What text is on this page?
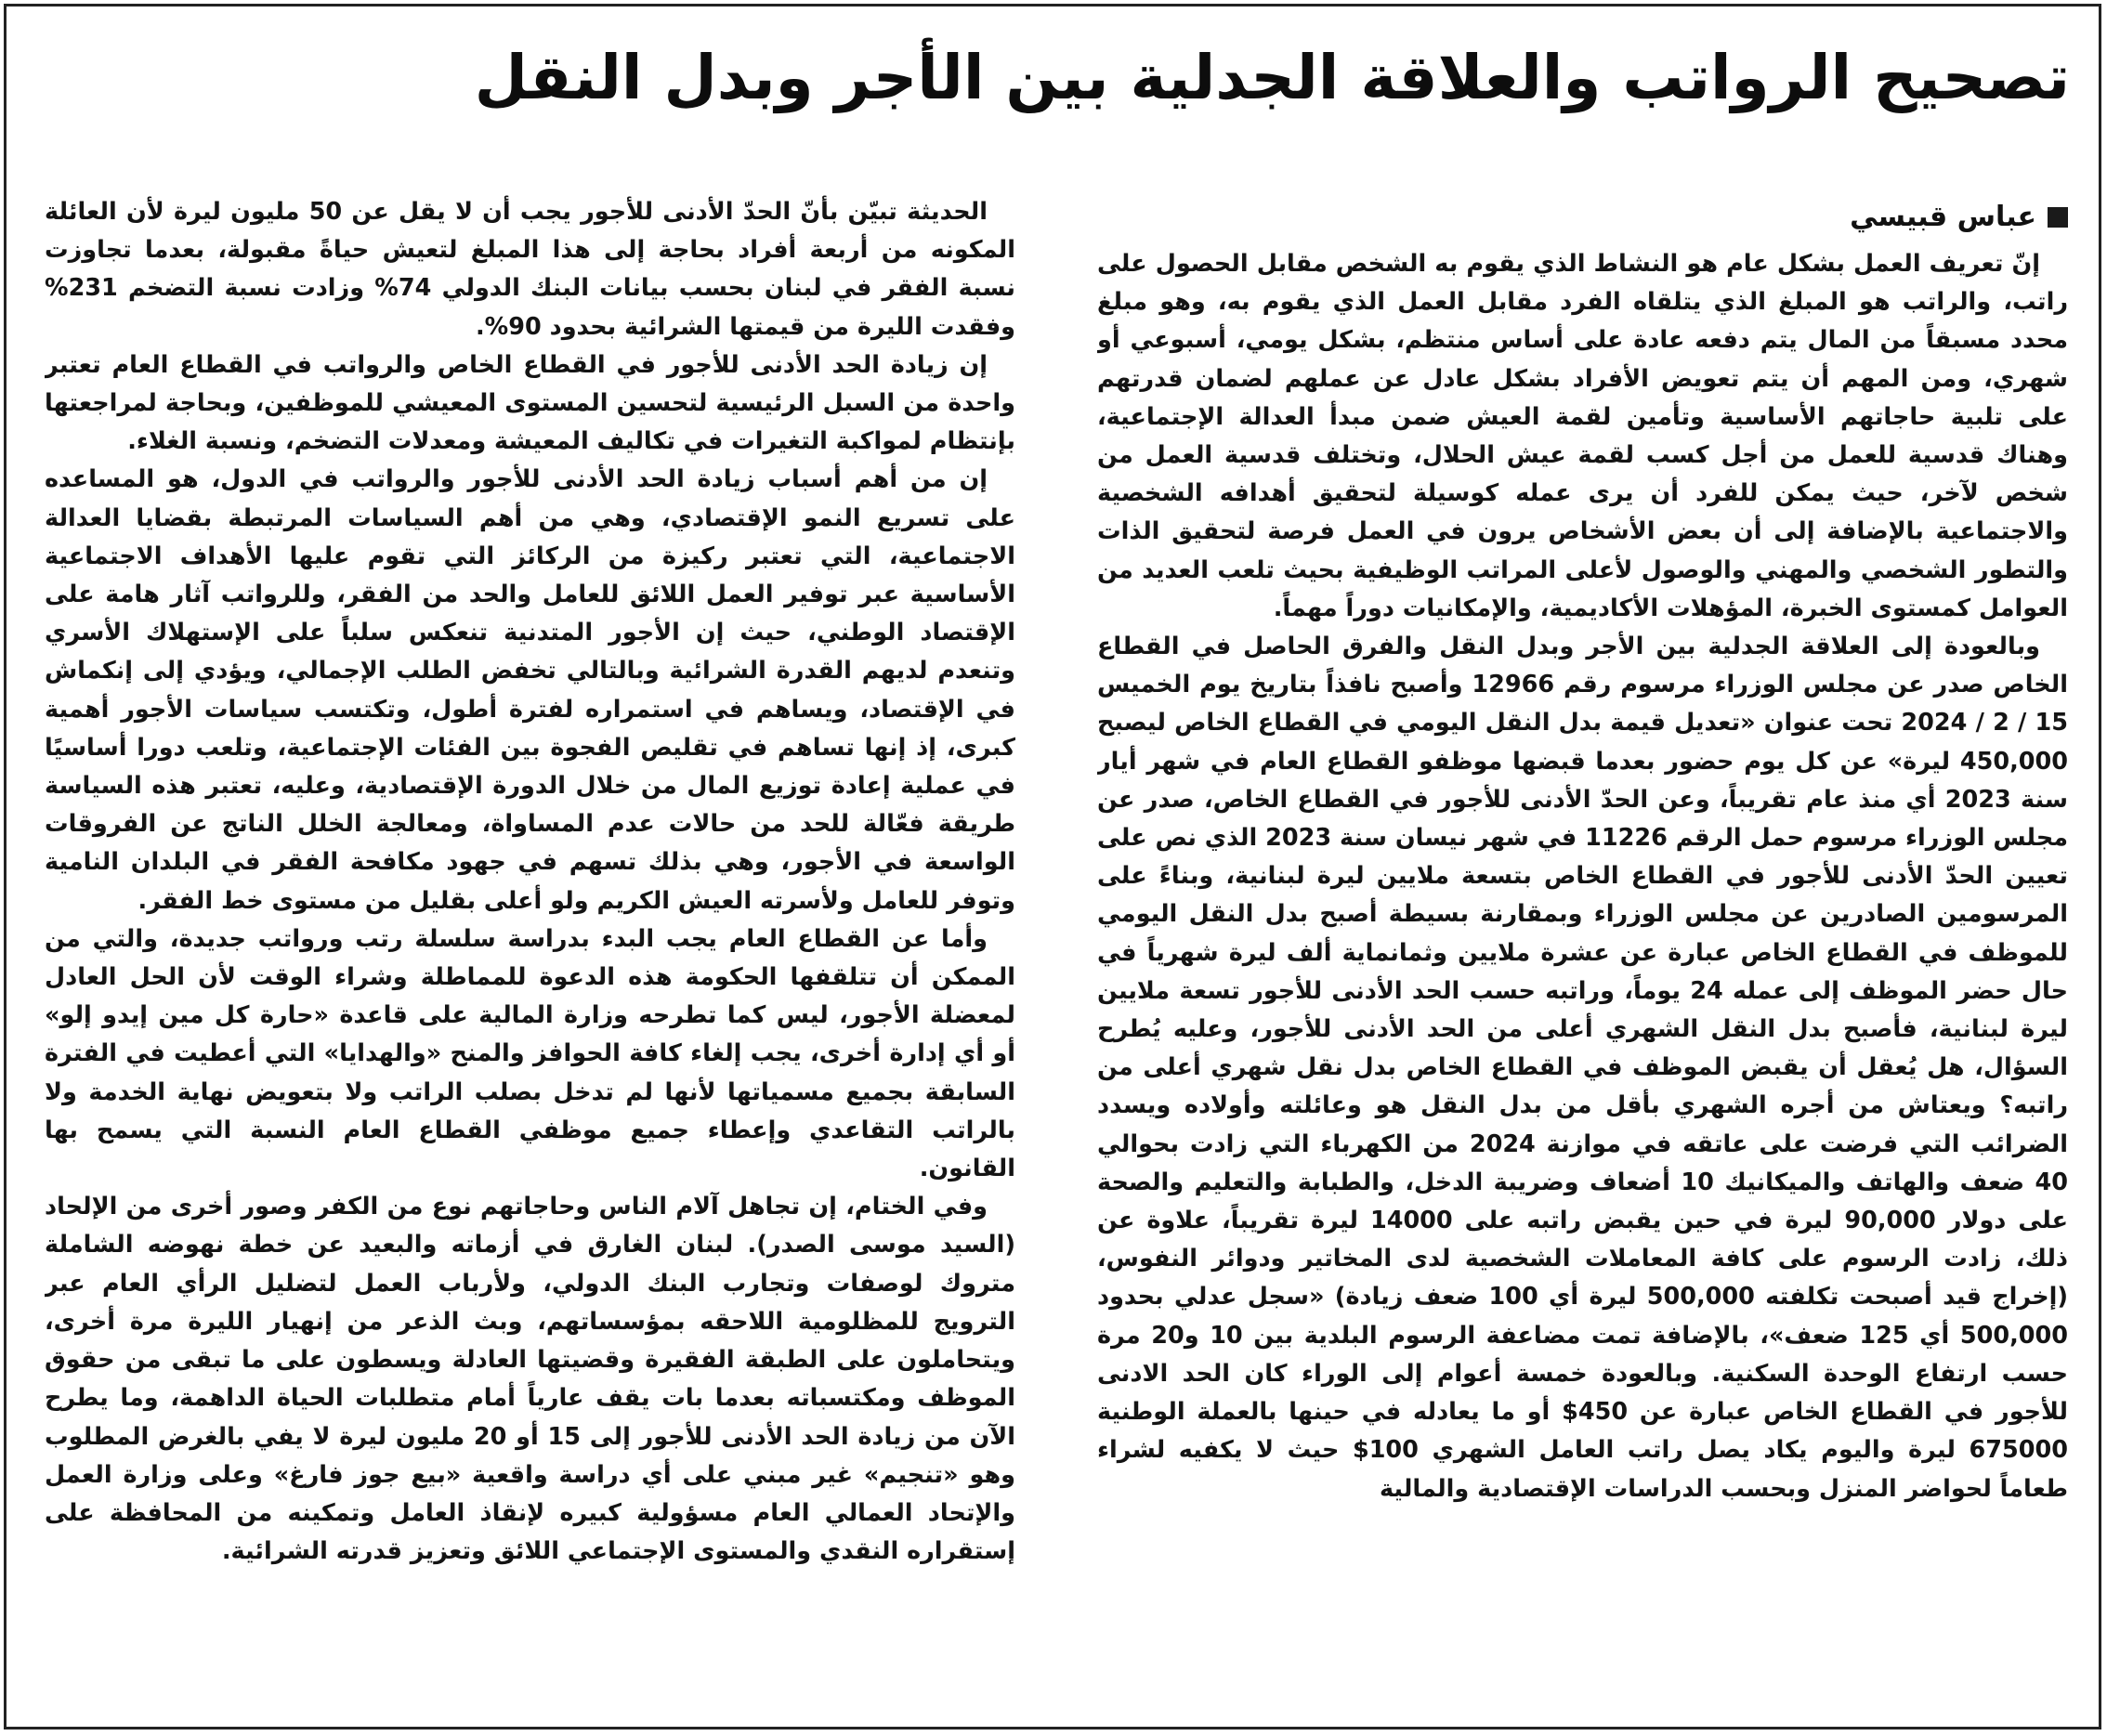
تصحيح الرواتب والعلاقة الجدلية بين الأجر وبدل النقل
عباس قبيسي

إنّ تعريف العمل بشكل عام هو النشاط الذي يقوم به الشخص مقابل الحصول على راتب، والراتب هو المبلغ الذي يتلقاه الفرد مقابل العمل الذي يقوم به، وهو مبلغ محدد مسبقاً من المال يتم دفعه عادة على أساس منتظم، بشكل يومي، أسبوعي أو شهري، ومن المهم أن يتم تعويض الأفراد بشكل عادل عن عملهم لضمان قدرتهم على تلبية حاجاتهم الأساسية وتأمين لقمة العيش ضمن مبدأ العدالة الإجتماعية، وهناك قدسية للعمل من أجل كسب لقمة عيش الحلال، وتختلف قدسية العمل من شخص لآخر، حيث يمكن للفرد أن يرى عمله كوسيلة لتحقيق أهدافه الشخصية والاجتماعية بالإضافة إلى أن بعض الأشخاص يرون في العمل فرصة لتحقيق الذات والتطور الشخصي والمهني والوصول لأعلى المراتب الوظيفية بحيث تلعب العديد من العوامل كمستوى الخبرة، المؤهلات الأكاديمية، والإمكانيات دوراً مهماً.

وبالعودة إلى العلاقة الجدلية بين الأجر وبدل النقل والفرق الحاصل في القطاع الخاص صدر عن مجلس الوزراء مرسوم رقم 12966 وأصبح نافذاً بتاريخ يوم الخميس 15 / 2 / 2024 تحت عنوان «تعديل قيمة بدل النقل اليومي في القطاع الخاص ليصبح 450,000 ليرة» عن كل يوم حضور بعدما قبضها موظفو القطاع العام في شهر أيار سنة 2023 أي منذ عام تقريباً، وعن الحدّ الأدنى للأجور في القطاع الخاص، صدر عن مجلس الوزراء مرسوم حمل الرقم 11226 في شهر نيسان سنة 2023 الذي نص على تعيين الحدّ الأدنى للأجور في القطاع الخاص بتسعة ملايين ليرة لبنانية، وبناءً على المرسومين الصادرين عن مجلس الوزراء وبمقارنة بسيطة أصبح بدل النقل اليومي للموظف في القطاع الخاص عبارة عن عشرة ملايين وثمانماية ألف ليرة شهرياً في حال حضر الموظف إلى عمله 24 يوماً، وراتبه حسب الحد الأدنى للأجور تسعة ملايين ليرة لبنانية، فأصبح بدل النقل الشهري أعلى من الحد الأدنى للأجور، وعليه يُطرح السؤال، هل يُعقل أن يقبض الموظف في القطاع الخاص بدل نقل شهري أعلى من راتبه؟ ويعتاش من أجره الشهري بأقل من بدل النقل هو وعائلته وأولاده ويسدد الضرائب التي فرضت على عاتقه في موازنة 2024 من الكهرباء التي زادت بحوالي 40 ضعف والهاتف والميكانيك 10 أضعاف وضريبة الدخل، والطبابة والتعليم والصحة على دولار 90,000 ليرة في حين يقبض راتبه على 14000 ليرة تقريباً، علاوة عن ذلك، زادت الرسوم على كافة المعاملات الشخصية لدى المخاتير ودوائر النفوس، (إخراج قيد أصبحت تكلفته 500,000 ليرة أي 100 ضعف زيادة) «سجل عدلي بحدود 500,000 أي 125 ضعف»، بالإضافة تمت مضاعفة الرسوم البلدية بين 10 و20 مرة حسب ارتفاع الوحدة السكنية. وبالعودة خمسة أعوام إلى الوراء كان الحد الادنى للأجور في القطاع الخاص عبارة عن 450$ أو ما يعادله في حينها بالعملة الوطنية 675000 ليرة واليوم يكاد يصل راتب العامل الشهري 100$ حيث لا يكفيه لشراء طعاماً لحواضر المنزل وبحسب الدراسات الإقتصادية والمالية

الحديثة تبيّن بأنّ الحدّ الأدنى للأجور يجب أن لا يقل عن 50 مليون ليرة لأن العائلة المكونه من أربعة أفراد بحاجة إلى هذا المبلغ لتعيش حياةً مقبولة، بعدما تجاوزت نسبة الفقر في لبنان بحسب بيانات البنك الدولي 74% وزادت نسبة التضخم 231% وفقدت الليرة من قيمتها الشرائية بحدود 90%.

إن زيادة الحد الأدنى للأجور في القطاع الخاص والرواتب في القطاع العام تعتبر واحدة من السبل الرئيسية لتحسين المستوى المعيشي للموظفين، وبحاجة لمراجعتها بإنتظام لمواكبة التغيرات في تكاليف المعيشة ومعدلات التضخم، ونسبة الغلاء.

إن من أهم أسباب زيادة الحد الأدنى للأجور والرواتب في الدول، هو المساعده على تسريع النمو الإقتصادي، وهي من أهم السياسات المرتبطة بقضايا العدالة الاجتماعية، التي تعتبر ركيزة من الركائز التي تقوم عليها الأهداف الاجتماعية الأساسية عبر توفير العمل اللائق للعامل والحد من الفقر، وللرواتب آثار هامة على الإقتصاد الوطني، حيث إن الأجور المتدنية تنعكس سلباً على الإستهلاك الأسري وتنعدم لديهم القدرة الشرائية وبالتالي تخفض الطلب الإجمالي، ويؤدي إلى إنكماش في الإقتصاد، ويساهم في استمراره لفترة أطول، وتكتسب سياسات الأجور أهمية كبرى، إذ إنها تساهم في تقليص الفجوة بين الفئات الإجتماعية، وتلعب دورا أساسيًا في عملية إعادة توزيع المال من خلال الدورة الإقتصادية، وعليه، تعتبر هذه السياسة طريقة فعّالة للحد من حالات عدم المساواة، ومعالجة الخلل الناتج عن الفروقات الواسعة في الأجور، وهي بذلك تسهم في جهود مكافحة الفقر في البلدان النامية وتوفر للعامل ولأسرته العيش الكريم ولو أعلى بقليل من مستوى خط الفقر.

وأما عن القطاع العام يجب البدء بدراسة سلسلة رتب ورواتب جديدة، والتي من الممكن أن تتلقفها الحكومة هذه الدعوة للمماطلة وشراء الوقت لأن الحل العادل لمعضلة الأجور، ليس كما تطرحه وزارة المالية على قاعدة «حارة كل مين إيدو إلو» أو أي إدارة أخرى، يجب إلغاء كافة الحوافز والمنح «والهدايا» التي أعطيت في الفترة السابقة بجميع مسمياتها لأنها لم تدخل بصلب الراتب ولا بتعويض نهاية الخدمة ولا بالراتب التقاعدي وإعطاء جميع موظفي القطاع العام النسبة التي يسمح بها القانون.

وفي الختام، إن تجاهل آلام الناس وحاجاتهم نوع من الكفر وصور أخرى من الإلحاد (السيد موسى الصدر). لبنان الغارق في أزماته والبعيد عن خطة نهوضه الشاملة متروك لوصفات وتجارب البنك الدولي، ولأرباب العمل لتضليل الرأي العام عبر الترويج للمظلومية اللاحقه بمؤسساتهم، وبث الذعر من إنهيار الليرة مرة أخرى، ويتحاملون على الطبقة الفقيرة وقضيتها العادلة ويسطون على ما تبقى من حقوق الموظف ومكتسباته بعدما بات يقف عارياً أمام متطلبات الحياة الداهمة، وما يطرح الآن من زيادة الحد الأدنى للأجور إلى 15 أو 20 مليون ليرة لا يفي بالغرض المطلوب وهو «تنجيم» غير مبني على أي دراسة واقعية «بيع جوز فارغ» وعلى وزارة العمل والإتحاد العمالي العام مسؤولية كبيره لإنقاذ العامل وتمكينه من المحافظة على إستقراره النقدي والمستوى الإجتماعي اللائق وتعزيز قدرته الشرائية.
